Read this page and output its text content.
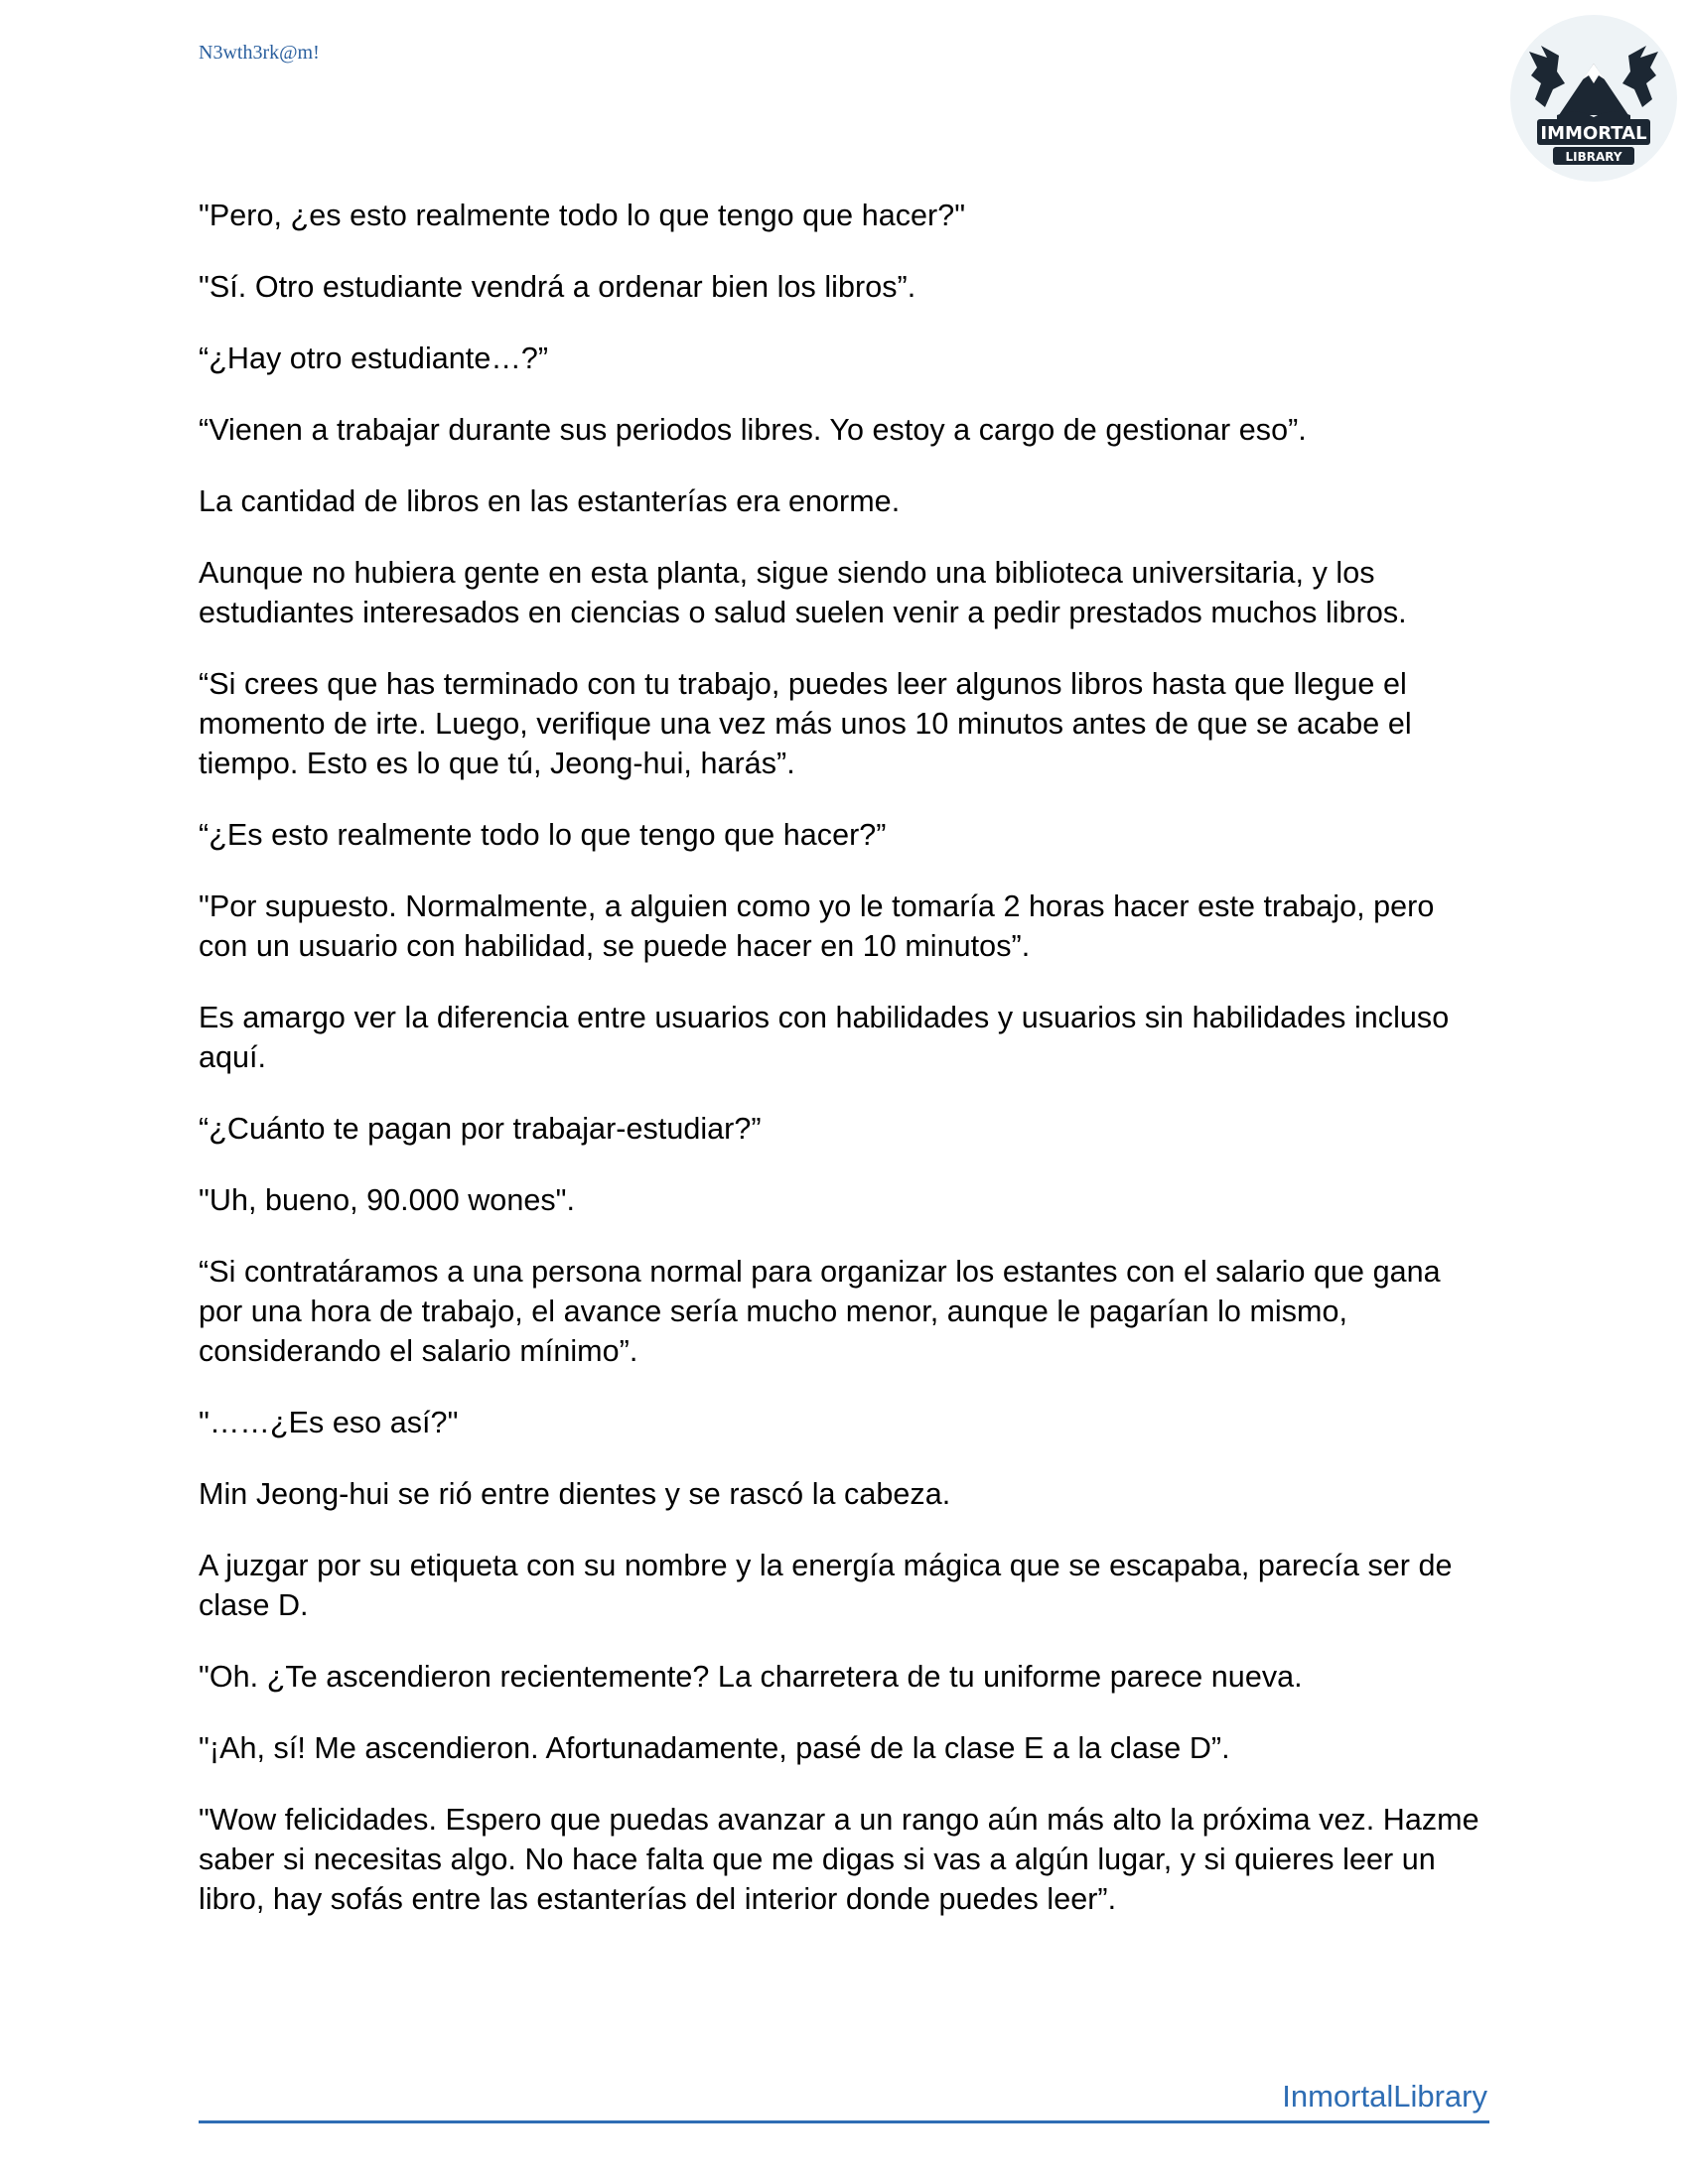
N3wth3rk@m!
IMMORTAL
LIBRARY

"Pero, ¿es esto realmente todo lo que tengo que hacer?"

"Sí. Otro estudiante vendrá a ordenar bien los libros”.

“¿Hay otro estudiante…?”

“Vienen a trabajar durante sus periodos libres. Yo estoy a cargo de gestionar eso”.

La cantidad de libros en las estanterías era enorme.

Aunque no hubiera gente en esta planta, sigue siendo una biblioteca universitaria, y los estudiantes interesados en ciencias o salud suelen venir a pedir prestados muchos libros.

“Si crees que has terminado con tu trabajo, puedes leer algunos libros hasta que llegue el momento de irte. Luego, verifique una vez más unos 10 minutos antes de que se acabe el tiempo. Esto es lo que tú, Jeong-hui, harás”.

“¿Es esto realmente todo lo que tengo que hacer?”

"Por supuesto. Normalmente, a alguien como yo le tomaría 2 horas hacer este trabajo, pero con un usuario con habilidad, se puede hacer en 10 minutos”.

Es amargo ver la diferencia entre usuarios con habilidades y usuarios sin habilidades incluso aquí.

“¿Cuánto te pagan por trabajar-estudiar?”

"Uh, bueno, 90.000 wones".

“Si contratáramos a una persona normal para organizar los estantes con el salario que gana por una hora de trabajo, el avance sería mucho menor, aunque le pagarían lo mismo, considerando el salario mínimo”.

"……¿Es eso así?"

Min Jeong-hui se rió entre dientes y se rascó la cabeza.

A juzgar por su etiqueta con su nombre y la energía mágica que se escapaba, parecía ser de clase D.

"Oh. ¿Te ascendieron recientemente? La charretera de tu uniforme parece nueva.

"¡Ah, sí! Me ascendieron. Afortunadamente, pasé de la clase E a la clase D”.

"Wow felicidades. Espero que puedas avanzar a un rango aún más alto la próxima vez. Hazme saber si necesitas algo. No hace falta que me digas si vas a algún lugar, y si quieres leer un libro, hay sofás entre las estanterías del interior donde puedes leer”.

InmortalLibrary
